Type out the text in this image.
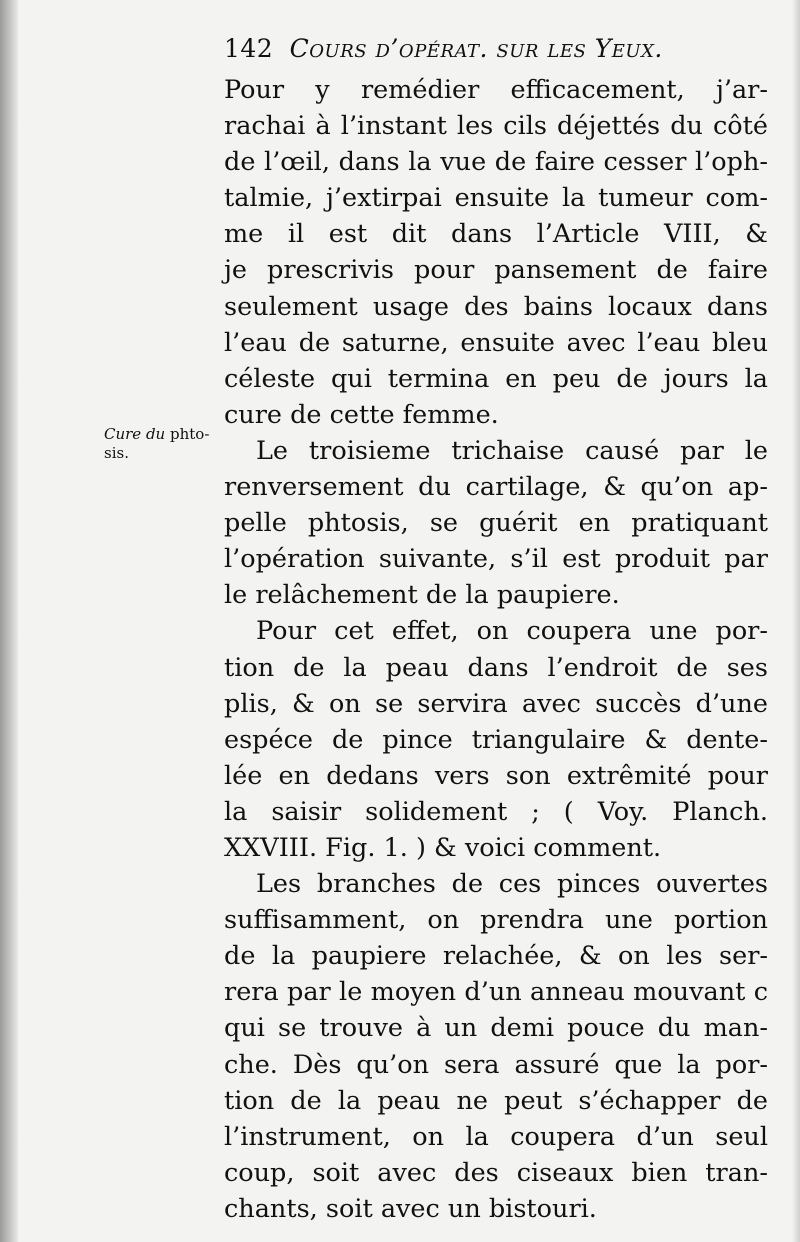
142 Cours d’opérat. sur les Yeux.
Cure du phto-
sis.
Pour y remédier efficacement, j’ar-
rachai à l’instant les cils déjettés du côté
de l’œil, dans la vue de faire cesser l’oph-
talmie, j’extirpai ensuite la tumeur com-
me il est dit dans l’Article VIII, &
je prescrivis pour pansement de faire
seulement usage des bains locaux dans
l’eau de saturne, ensuite avec l’eau bleu
céleste qui termina en peu de jours la
cure de cette femme.
Le troisieme trichaise causé par le
renversement du cartilage, & qu’on ap-
pelle phtosis, se guérit en pratiquant
l’opération suivante, s’il est produit par
le relâchement de la paupiere.
Pour cet effet, on coupera une por-
tion de la peau dans l’endroit de ses
plis, & on se servira avec succès d’une
espéce de pince triangulaire & dente-
lée en dedans vers son extrêmité pour
la saisir solidement ; ( Voy. Planch.
XXVIII. Fig. 1. ) & voici comment.
Les branches de ces pinces ouvertes
suffisamment, on prendra une portion
de la paupiere relachée, & on les ser-
rera par le moyen d’un anneau mouvant c
qui se trouve à un demi pouce du man-
che. Dès qu’on sera assuré que la por-
tion de la peau ne peut s’échapper de
l’instrument, on la coupera d’un seul
coup, soit avec des ciseaux bien tran-
chants, soit avec un bistouri.
